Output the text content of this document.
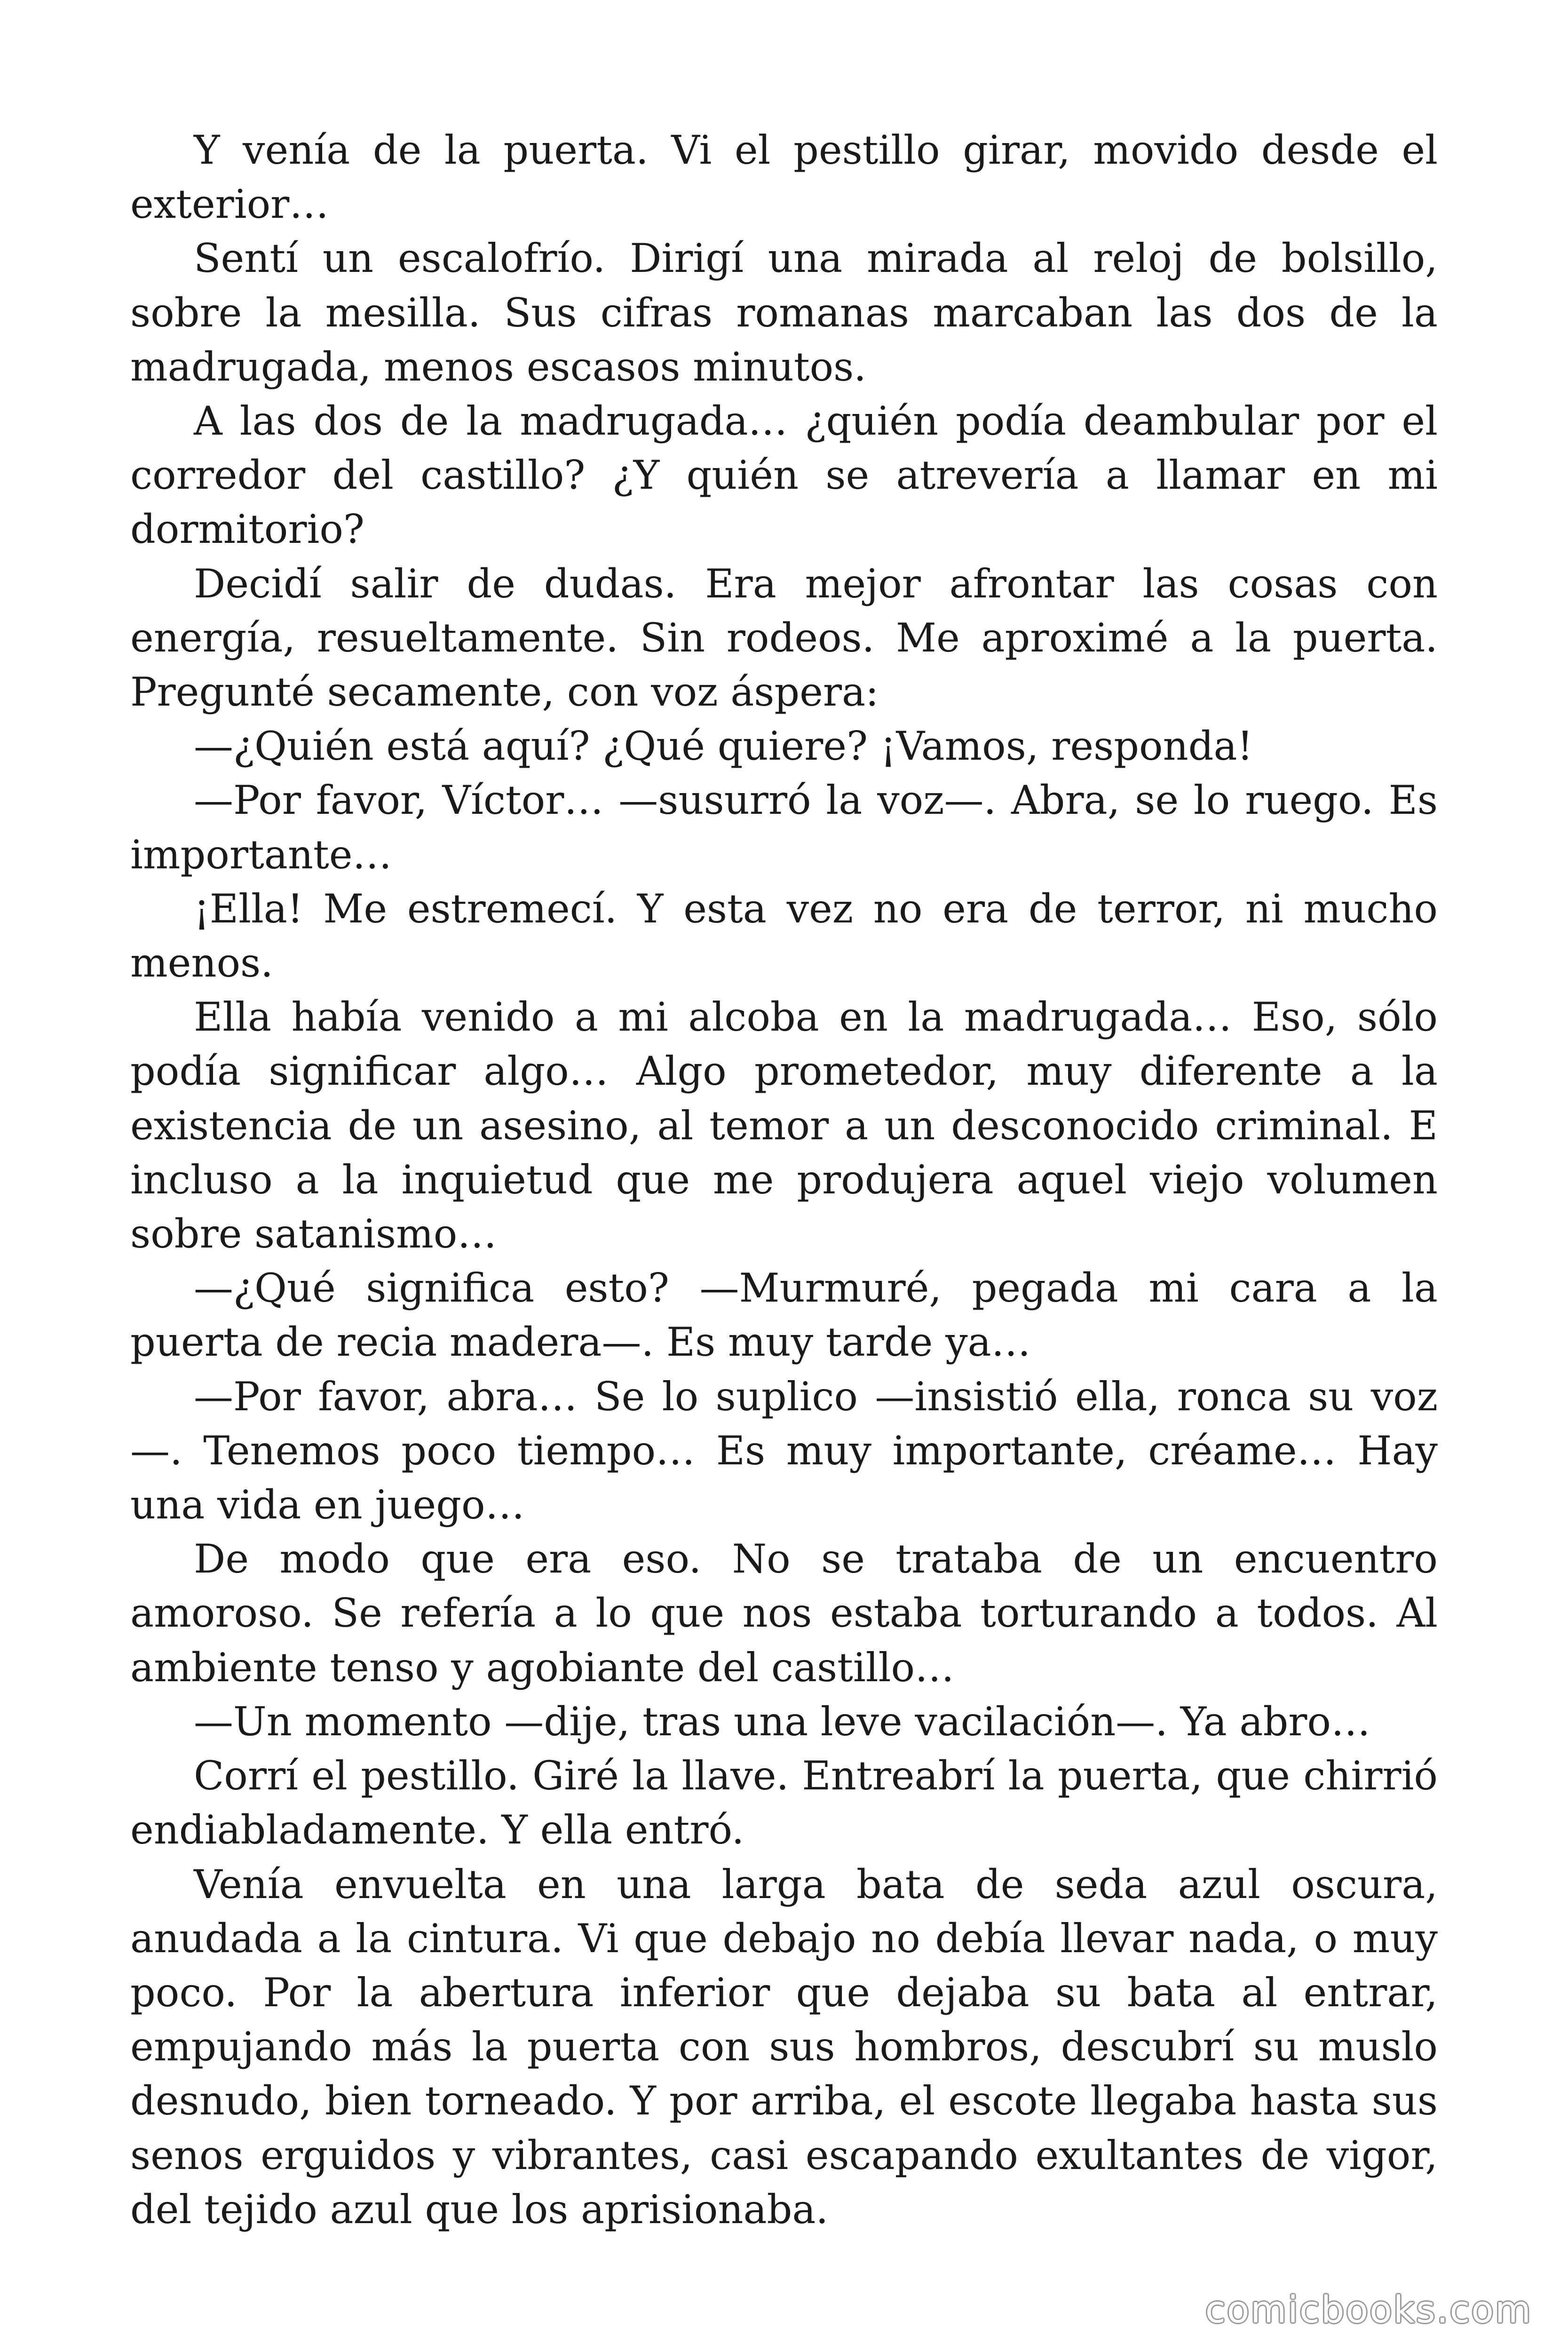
Y venía de la puerta. Vi el pestillo girar, movido desde el exterior…

Sentí un escalofrío. Dirigí una mirada al reloj de bolsillo, sobre la mesilla. Sus cifras romanas marcaban las dos de la madrugada, menos escasos minutos.

A las dos de la madrugada… ¿quién podía deambular por el corredor del castillo? ¿Y quién se atrevería a llamar en mi dormitorio?

Decidí salir de dudas. Era mejor afrontar las cosas con energía, resueltamente. Sin rodeos. Me aproximé a la puerta. Pregunté secamente, con voz áspera:

—¿Quién está aquí? ¿Qué quiere? ¡Vamos, responda!

—Por favor, Víctor… —susurró la voz—. Abra, se lo ruego. Es importante…

¡Ella! Me estremecí. Y esta vez no era de terror, ni mucho menos.

Ella había venido a mi alcoba en la madrugada… Eso, sólo podía significar algo… Algo prometedor, muy diferente a la existencia de un asesino, al temor a un desconocido criminal. E incluso a la inquietud que me produjera aquel viejo volumen sobre satanismo…

—¿Qué significa esto? —Murmuré, pegada mi cara a la puerta de recia madera—. Es muy tarde ya…

—Por favor, abra… Se lo suplico —insistió ella, ronca su voz—. Tenemos poco tiempo… Es muy importante, créame… Hay una vida en juego…

De modo que era eso. No se trataba de un encuentro amoroso. Se refería a lo que nos estaba torturando a todos. Al ambiente tenso y agobiante del castillo…

—Un momento —dije, tras una leve vacilación—. Ya abro…

Corrí el pestillo. Giré la llave. Entreabrí la puerta, que chirrió endiabladamente. Y ella entró.

Venía envuelta en una larga bata de seda azul oscura, anudada a la cintura. Vi que debajo no debía llevar nada, o muy poco. Por la abertura inferior que dejaba su bata al entrar, empujando más la puerta con sus hombros, descubrí su muslo desnudo, bien torneado. Y por arriba, el escote llegaba hasta sus senos erguidos y vibrantes, casi escapando exultantes de vigor, del tejido azul que los aprisionaba.

comicbooks.com
